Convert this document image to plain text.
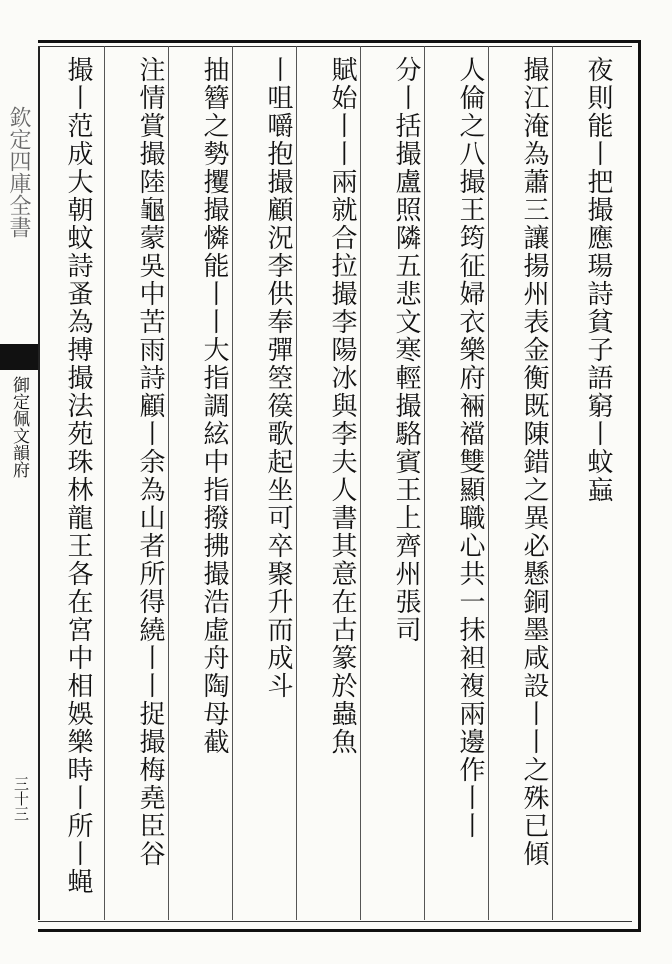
欽定四庫全書
御定佩文韻府
三十三
夜則能丨把撮應瑒詩貧子語窮丨蚊蝱
撮江淹為蕭三讓揚州表金衡既陳錯之異必懸銅墨咸設丨丨之殊已傾
人倫之八撮王筠征婦衣樂府裲襠雙顯職心共一抹袒複兩邊作丨丨
分丨括撮盧照隣五悲文寒輕撮駱賓王上齊州張司
賦始丨丨兩就合拉撮李陽冰與李夫人書其意在古篆於蟲魚
丨咀嚼抱撮顧況李供奉彈箜篌歌起坐可卒聚升而成斗
抽簪之勢攫撮憐能丨丨大指調絃中指撥拂撮浩虛舟陶母截
注情賞撮陸龜蒙吳中苦雨詩顧丨余為山者所得繞丨丨捉撮梅堯臣谷
撮丨范成大朝蚊詩蚤為搏撮法苑珠林龍王各在宮中相娛樂時丨所丨蝇
